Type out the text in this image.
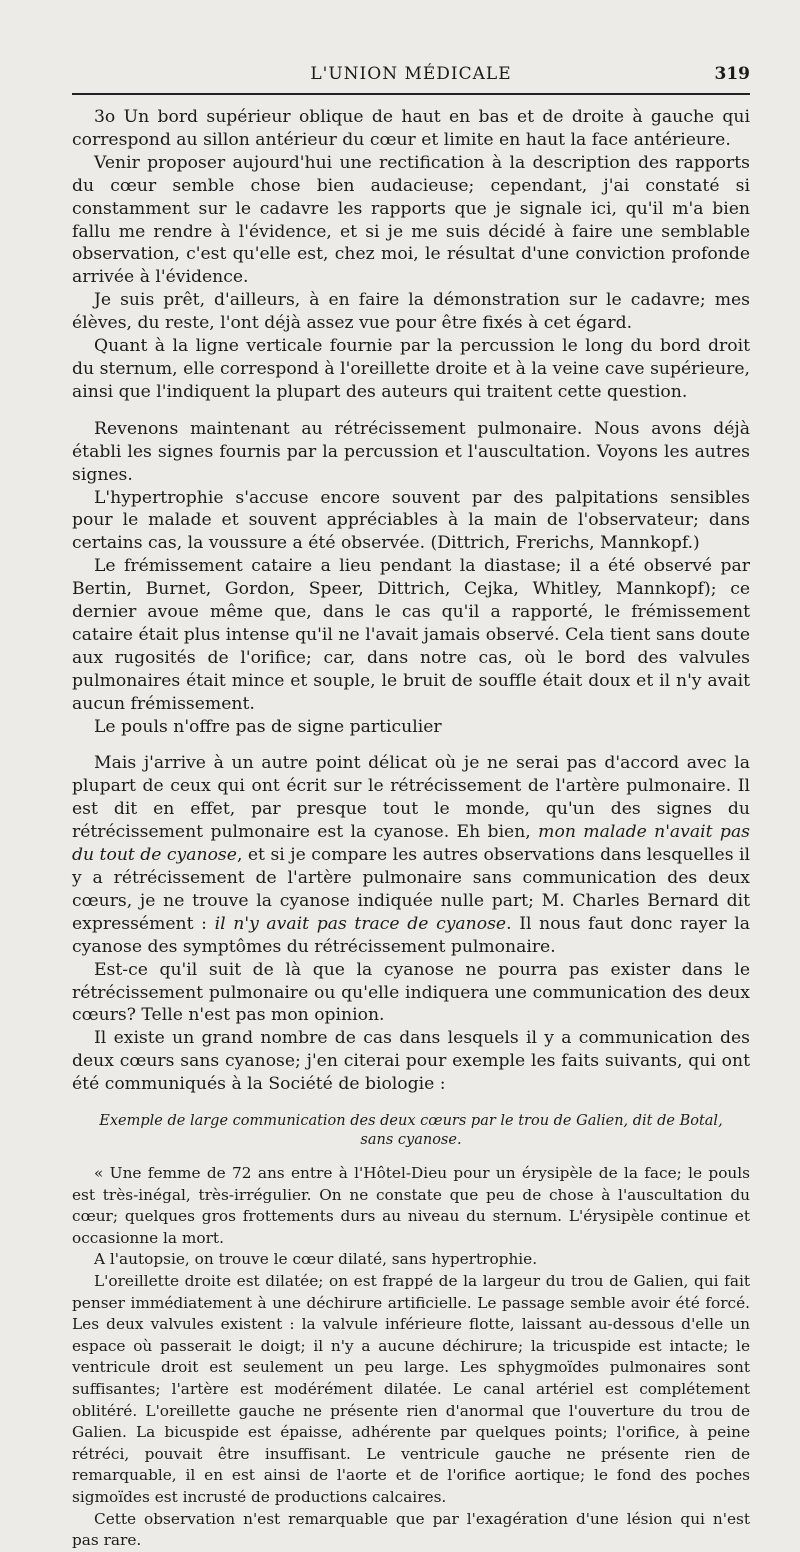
L'UNION MÉDICALE	319

3o Un bord supérieur oblique de haut en bas et de droite à gauche qui correspond au sillon antérieur du cœur et limite en haut la face antérieure.

Venir proposer aujourd'hui une rectification à la description des rapports du cœur semble chose bien audacieuse; cependant, j'ai constaté si constamment sur le cadavre les rapports que je signale ici, qu'il m'a bien fallu me rendre à l'évidence, et si je me suis décidé à faire une semblable observation, c'est qu'elle est, chez moi, le résultat d'une conviction profonde arrivée à l'évidence.

Je suis prêt, d'ailleurs, à en faire la démonstration sur le cadavre; mes élèves, du reste, l'ont déjà assez vue pour être fixés à cet égard.

Quant à la ligne verticale fournie par la percussion le long du bord droit du sternum, elle correspond à l'oreillette droite et à la veine cave supérieure, ainsi que l'indiquent la plupart des auteurs qui traitent cette question.

Revenons maintenant au rétrécissement pulmonaire. Nous avons déjà établi les signes fournis par la percussion et l'auscultation. Voyons les autres signes.

L'hypertrophie s'accuse encore souvent par des palpitations sensibles pour le malade et souvent appréciables à la main de l'observateur; dans certains cas, la voussure a été observée. (Dittrich, Frerichs, Mannkopf.)

Le frémissement cataire a lieu pendant la diastase; il a été observé par Bertin, Burnet, Gordon, Speer, Dittrich, Cejka, Whitley, Mannkopf); ce dernier avoue même que, dans le cas qu'il a rapporté, le frémissement cataire était plus intense qu'il ne l'avait jamais observé. Cela tient sans doute aux rugosités de l'orifice; car, dans notre cas, où le bord des valvules pulmonaires était mince et souple, le bruit de souffle était doux et il n'y avait aucun frémissement.

Le pouls n'offre pas de signe particulier

Mais j'arrive à un autre point délicat où je ne serai pas d'accord avec la plupart de ceux qui ont écrit sur le rétrécissement de l'artère pulmonaire. Il est dit en effet, par presque tout le monde, qu'un des signes du rétrécissement pulmonaire est la cyanose. Eh bien, mon malade n'avait pas du tout de cyanose, et si je compare les autres observations dans lesquelles il y a rétrécissement de l'artère pulmonaire sans communication des deux cœurs, je ne trouve la cyanose indiquée nulle part; M. Charles Bernard dit expressément : il n'y avait pas trace de cyanose. Il nous faut donc rayer la cyanose des symptômes du rétrécissement pulmonaire.

Est-ce qu'il suit de là que la cyanose ne pourra pas exister dans le rétrécissement pulmonaire ou qu'elle indiquera une communication des deux cœurs? Telle n'est pas mon opinion.

Il existe un grand nombre de cas dans lesquels il y a communication des deux cœurs sans cyanose; j'en citerai pour exemple les faits suivants, qui ont été communiqués à la Société de biologie :

Exemple de large communication des deux cœurs par le trou de Galien, dit de Botal, sans cyanose.

« Une femme de 72 ans entre à l'Hôtel-Dieu pour un érysipèle de la face; le pouls est très-inégal, très-irrégulier. On ne constate que peu de chose à l'auscultation du cœur; quelques gros frottements durs au niveau du sternum. L'érysipèle continue et occasionne la mort.

A l'autopsie, on trouve le cœur dilaté, sans hypertrophie.

L'oreillette droite est dilatée; on est frappé de la largeur du trou de Galien, qui fait penser immédiatement à une déchirure artificielle. Le passage semble avoir été forcé. Les deux valvules existent : la valvule inférieure flotte, laissant au-dessous d'elle un espace où passerait le doigt; il n'y a aucune déchirure; la tricuspide est intacte; le ventricule droit est seulement un peu large. Les sphygmoïdes pulmonaires sont suffisantes; l'artère est modérément dilatée. Le canal artériel est complétement oblitéré. L'oreillette gauche ne présente rien d'anormal que l'ouverture du trou de Galien. La bicuspide est épaisse, adhérente par quelques points; l'orifice, à peine rétréci, pouvait être insuffisant. Le ventricule gauche ne présente rien de remarquable, il en est ainsi de l'aorte et de l'orifice aortique; le fond des poches sigmoïdes est incrusté de productions calcaires.

Cette observation n'est remarquable que par l'exagération d'une lésion qui n'est pas rare.
